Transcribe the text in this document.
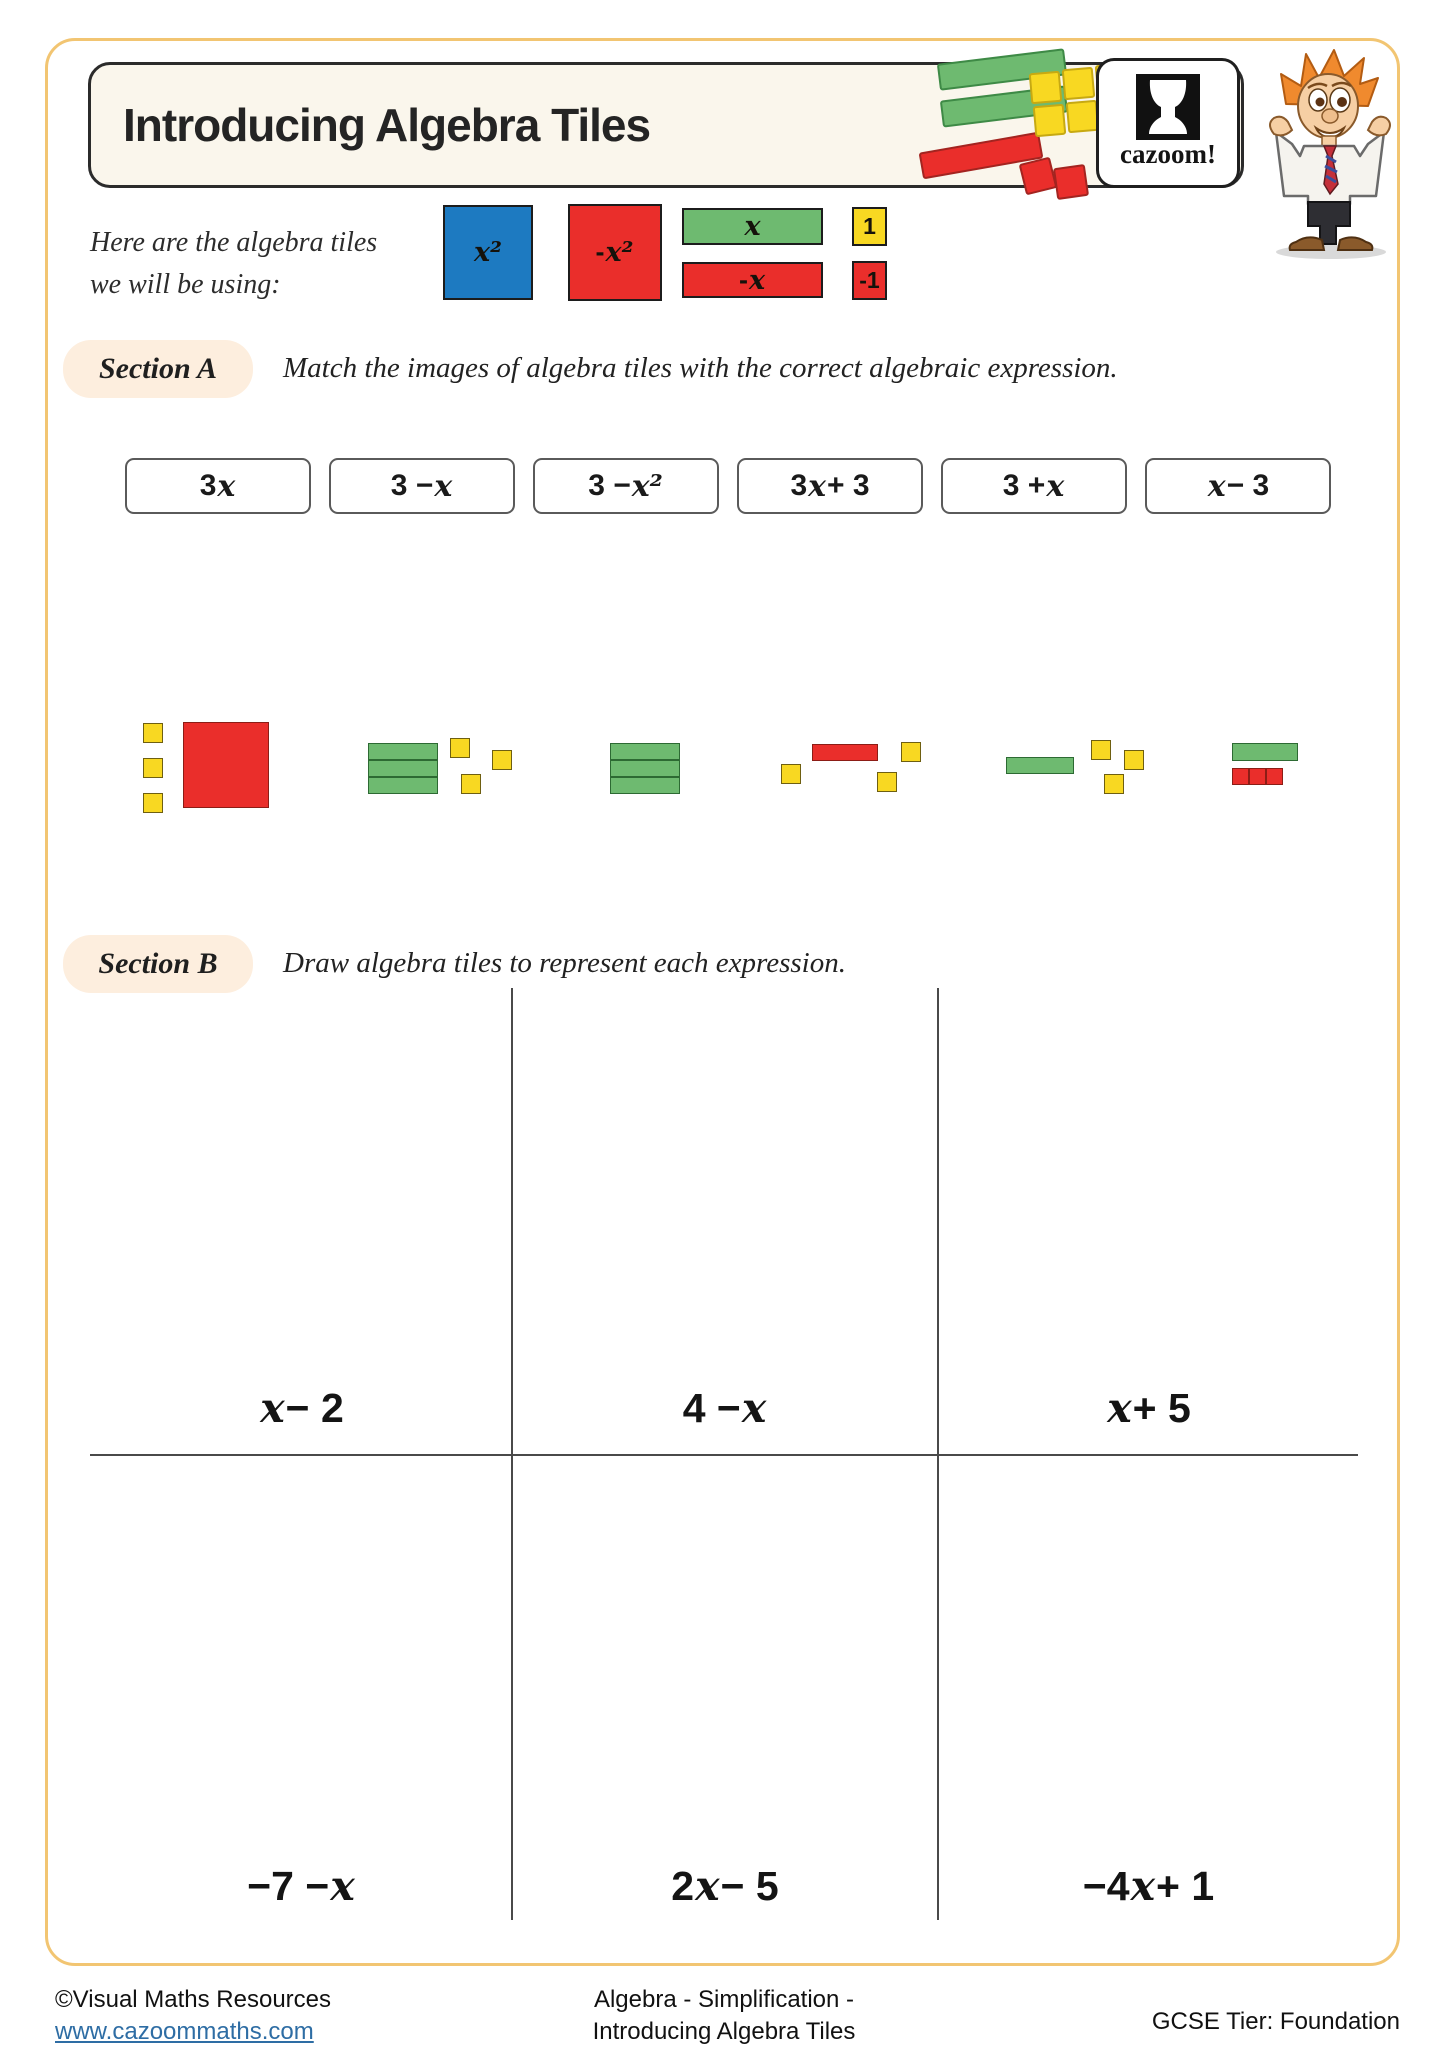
Introducing Algebra Tiles
cazoom!
Here are the algebra tiles
we will be using:
x²	-x²
x	1
-x	-1
Section A Match the images of algebra tiles with the correct algebraic expression.
3 x	3 − x	3 − x²	3 x + 3	3 + x	x − 3
Section B Draw algebra tiles to represent each expression.
x − 2	4 − x	x + 5
−7 − x	2 x − 5	−4 x + 1
©Visual Maths Resources
www.cazoommaths.com
Algebra - Simplification -
Introducing Algebra Tiles	GCSE Tier: Foundation
